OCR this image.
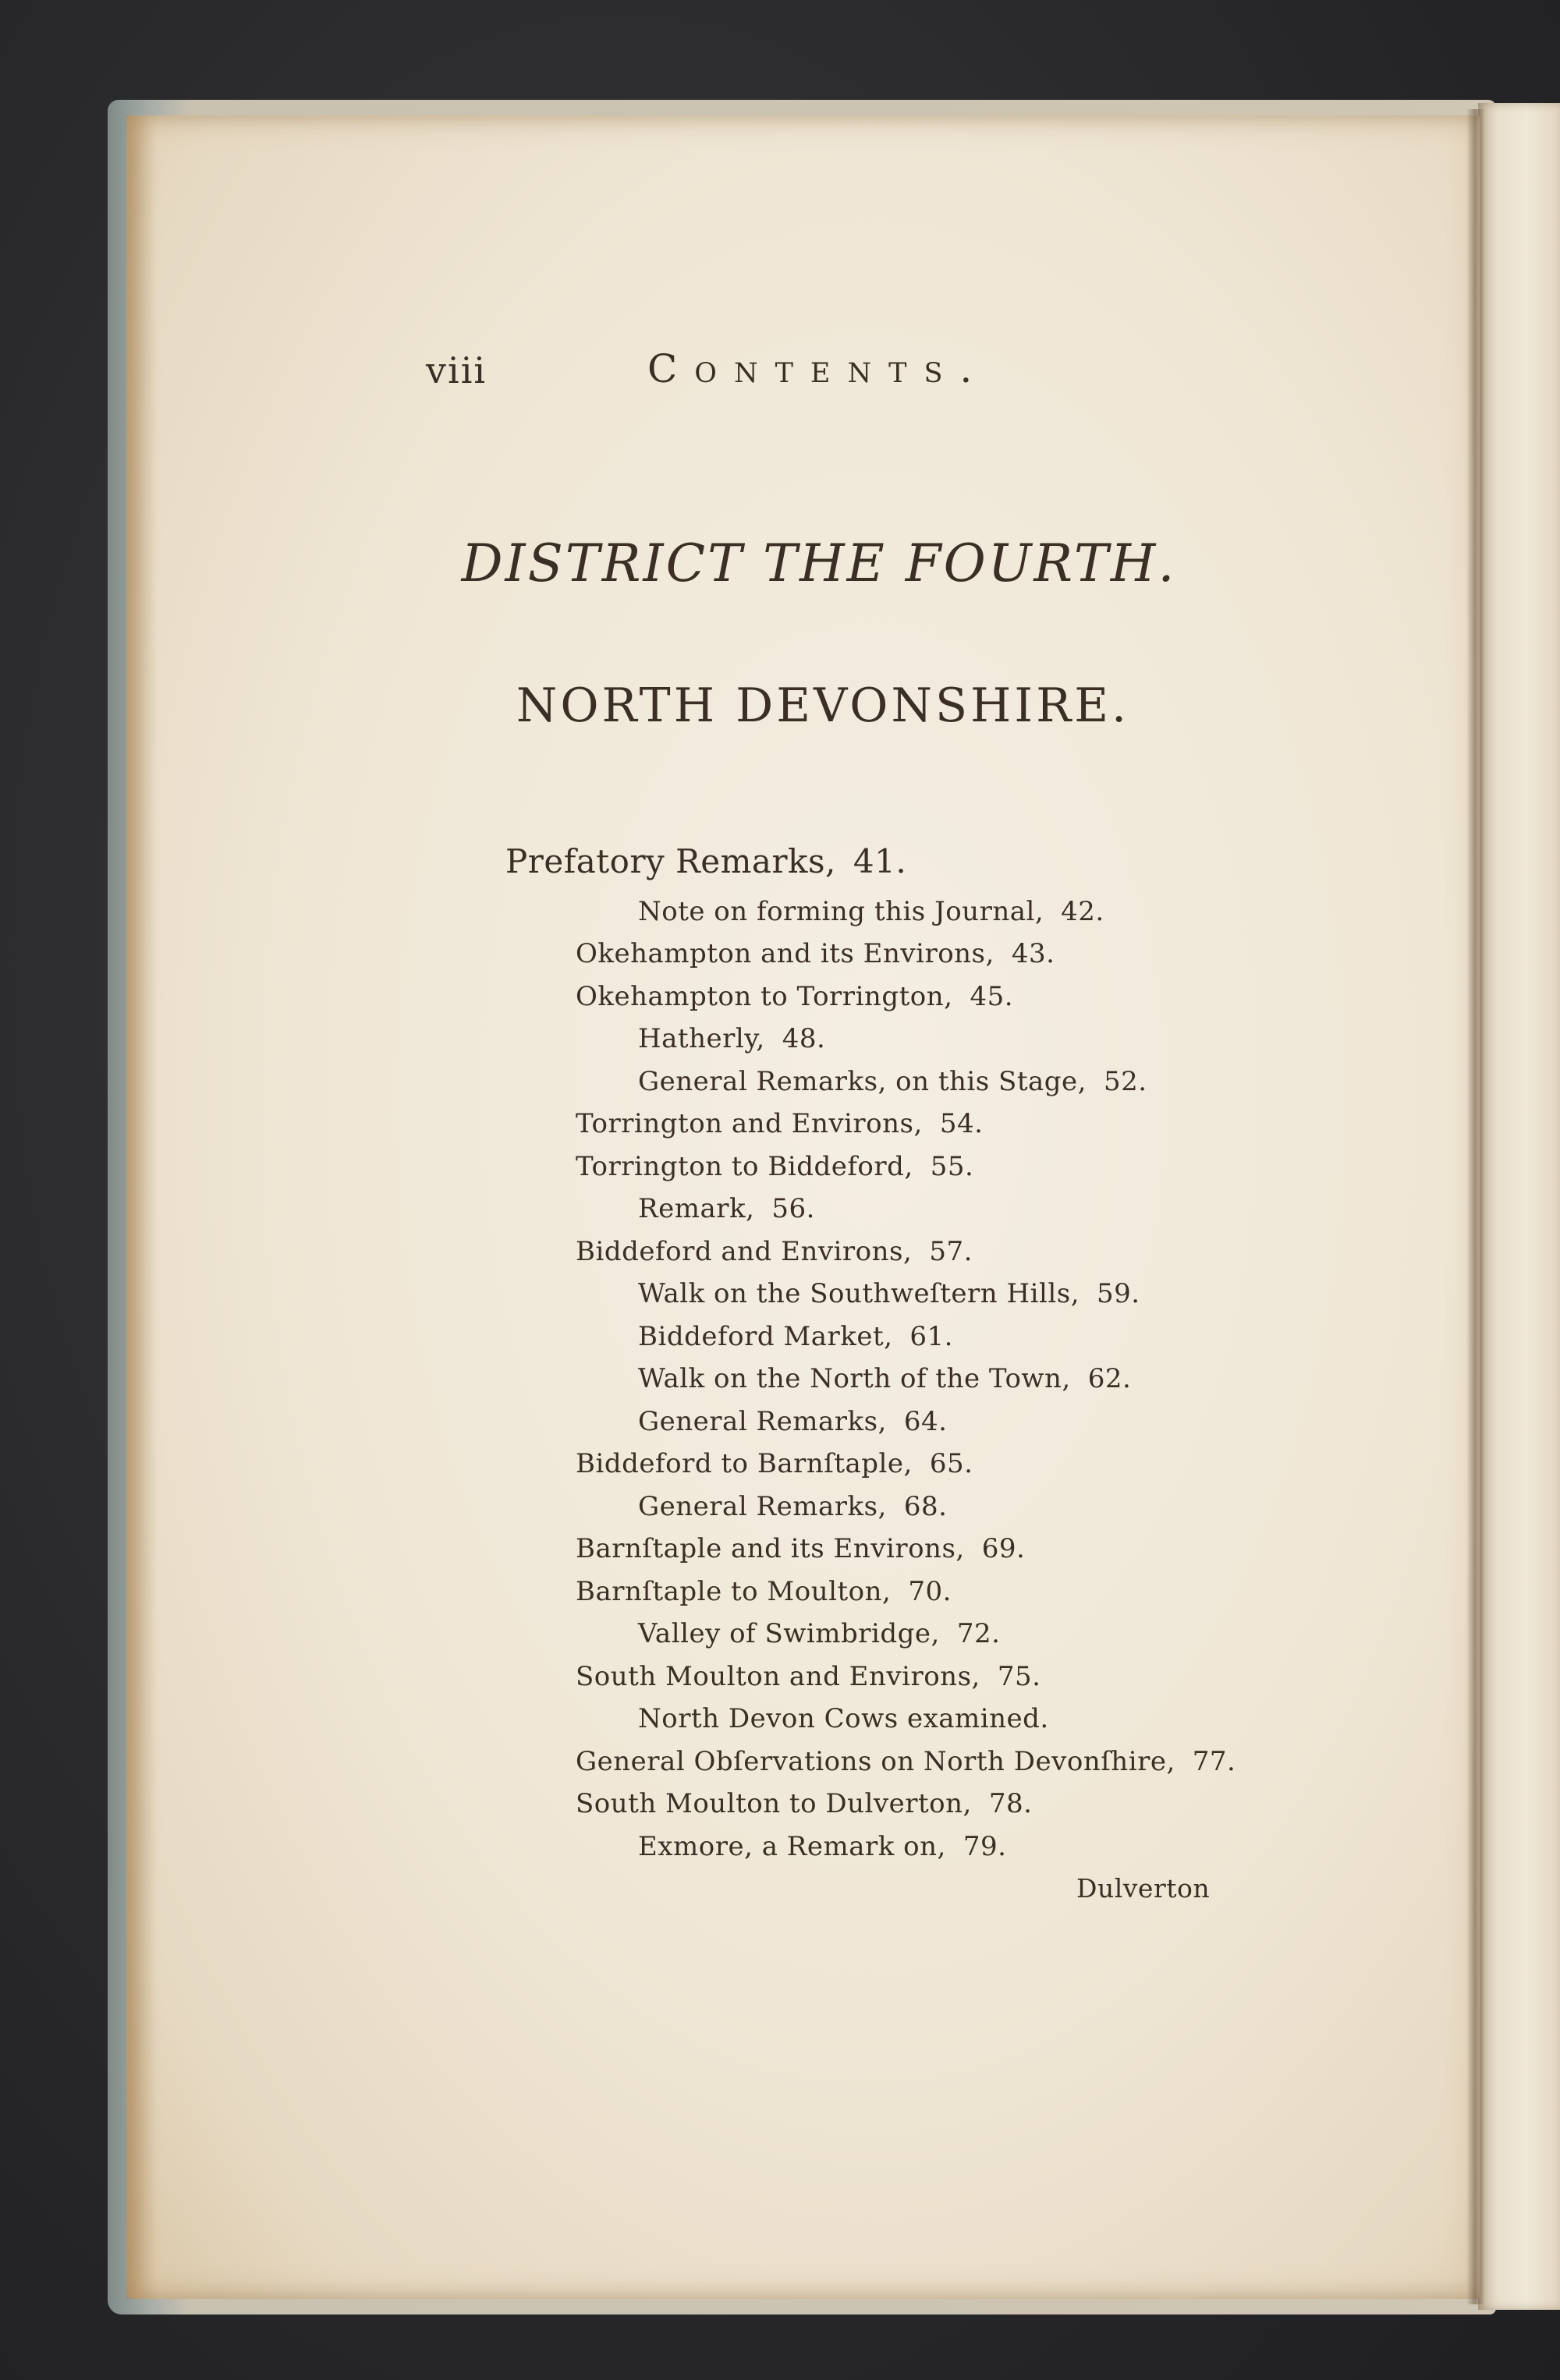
viii	Contents.
DISTRICT THE FOURTH.
NORTH DEVONSHIRE.
Prefatory Remarks, 41.
Note on forming this Journal, 42.
Okehampton and its Environs, 43.
Okehampton to Torrington, 45.
Hatherly, 48.
General Remarks, on this Stage, 52.
Torrington and Environs, 54.
Torrington to Biddeford, 55.
Remark, 56.
Biddeford and Environs, 57.
Walk on the Southweſtern Hills, 59.
Biddeford Market, 61.
Walk on the North of the Town, 62.
General Remarks, 64.
Biddeford to Barnſtaple, 65.
General Remarks, 68.
Barnſtaple and its Environs, 69.
Barnſtaple to Moulton, 70.
Valley of Swimbridge, 72.
South Moulton and Environs, 75.
North Devon Cows examined.
General Obſervations on North Devonſhire, 77.
South Moulton to Dulverton, 78.
Exmore, a Remark on, 79.
Dulverton
